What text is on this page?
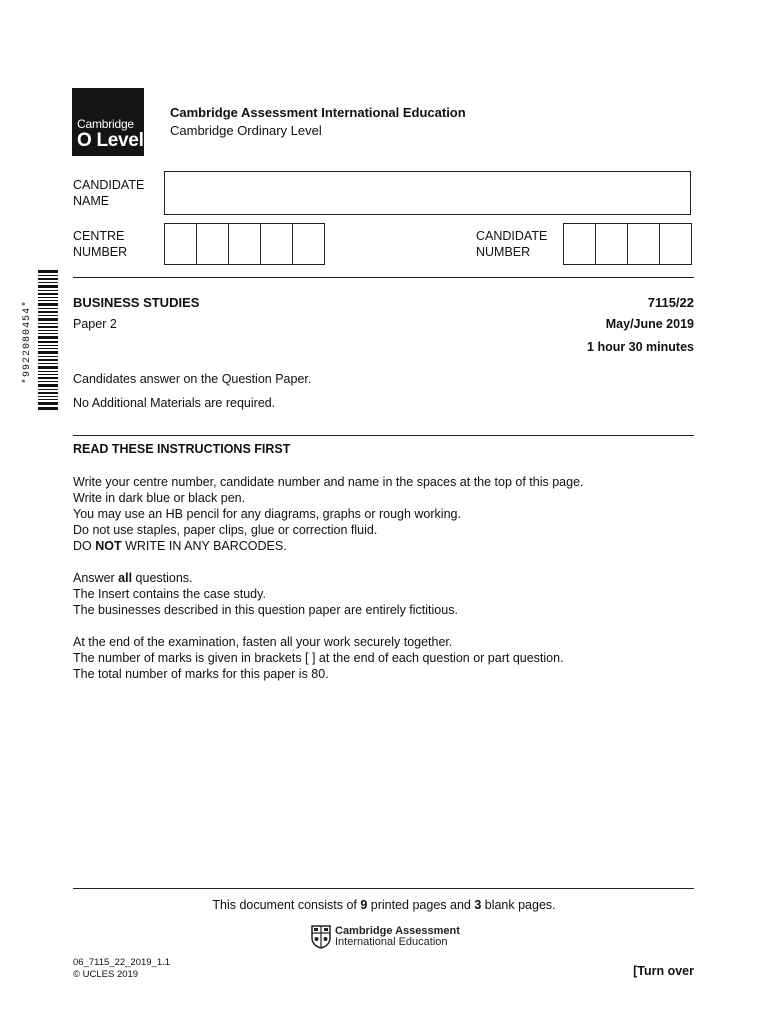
Cambridge
O Level
Cambridge Assessment International Education
Cambridge Ordinary Level
CANDIDATE
NAME
CENTRE
NUMBER
CANDIDATE
NUMBER
*9922080454*	BUSINESS STUDIES	7115/22
Paper 2	May/June 2019
1 hour 30 minutes
Candidates answer on the Question Paper.
No Additional Materials are required.
READ THESE INSTRUCTIONS FIRST
Write your centre number, candidate number and name in the spaces at the top of this page.
Write in dark blue or black pen.
You may use an HB pencil for any diagrams, graphs or rough working.
Do not use staples, paper clips, glue or correction fluid.
DO NOT WRITE IN ANY BARCODES.
Answer all questions.
The Insert contains the case study.
The businesses described in this question paper are entirely fictitious.
At the end of the examination, fasten all your work securely together.
The number of marks is given in brackets [ ] at the end of each question or part question.
The total number of marks for this paper is 80.
This document consists of 9 printed pages and 3 blank pages.
Cambridge Assessment
International Education
06_7115_22_2019_1.1
© UCLES 2019	[Turn over
